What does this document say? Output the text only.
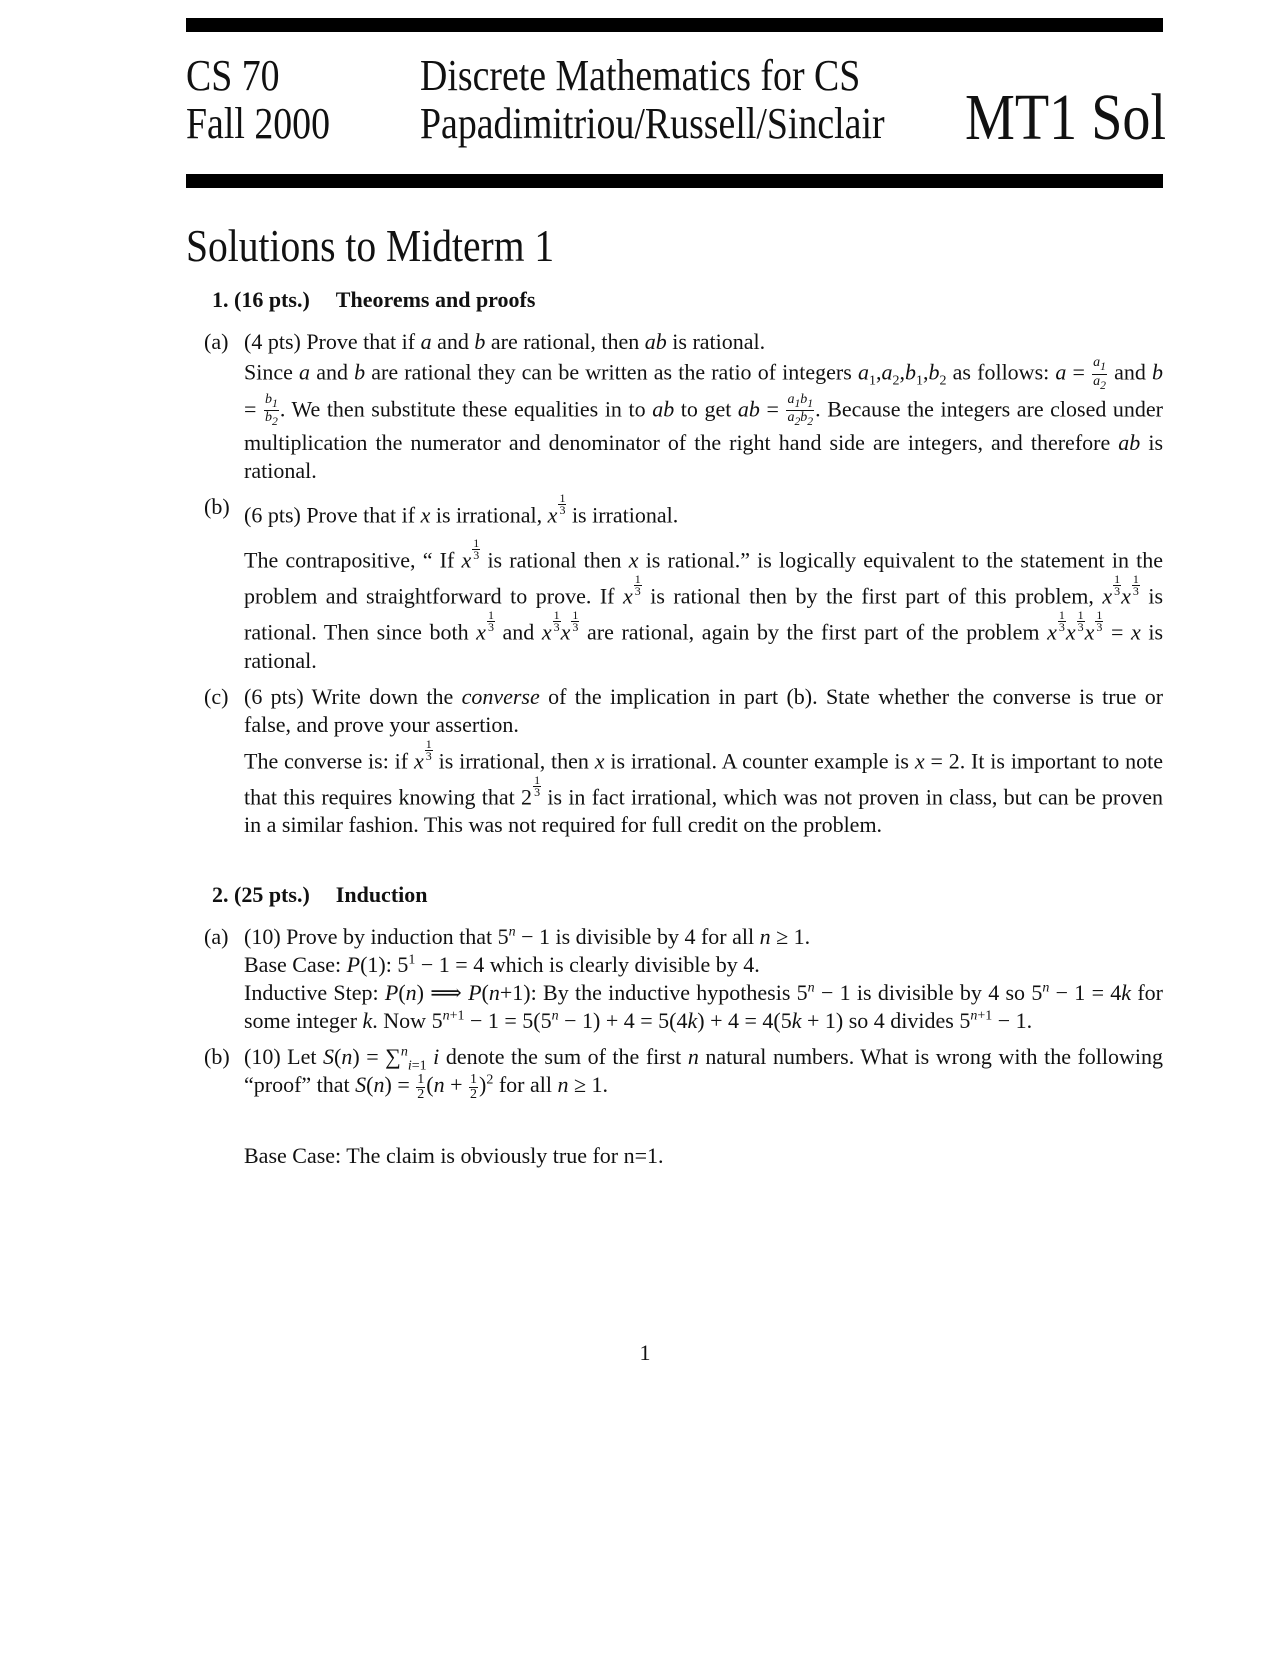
CS 70
Fall 2000
Discrete Mathematics for CS
Papadimitriou/Russell/Sinclair MT1 Sol
Solutions to Midterm 1
1. (16 pts.) Theorems and proofs
(a) (4 pts) Prove that if a and b are rational, then ab is rational.

Since a and b are rational they can be written as the ratio of integers $a_1,a_2,b_1,b_2$ as follows: $a = \frac{a_1}{a_2}$ and $b = \frac{b_1}{b_2}$ . We then substitute these equalities in to ab to get ab = $\frac{a_1b_1}{a_2b_2}$ . Because the integers are closed under multiplication the numerator and denominator of the right hand side are integers, and therefore ab is rational.

(b) (6 pts) Prove that if x is irrational, x $\frac{1}{3}$ is irrational.

The contrapositive, “ If x $\frac{1}{3}$ is rational then x is rational.” is logically equivalent to the statement in the problem and straightforward to prove. If x $\frac{1}{3}$ is rational then by the first part of this problem, x $\frac{1}{3}$ x $\frac{1}{3}$ is rational. Then since both x $\frac{1}{3}$ and x $\frac{1}{3}$ x $\frac{1}{3}$ are rational, again by the first part of the problem x $\frac{1}{3}$ x $\frac{1}{3}$ x $\frac{1}{3} = x$ is rational.

(c) (6 pts) Write down the converse of the implication in part (b). State whether the converse is true or false, and prove your assertion.

The converse is: if x $\frac{1}{3}$ is irrational, then x is irrational. A counter example is x = 2. It is important to note that this requires knowing that $2 \frac{1}{3}$ is in fact irrational, which was not proven in class, but can be proven in a similar fashion. This was not required for full credit on the problem.

2. (25 pts.) Induction
(a) (10) Prove by induction that $5^n - 1$ is divisible by 4 for all n ≥ 1.

Base Case: P(1): $5^1 - 1 = 4$ which is clearly divisible by 4.

Inductive Step: P(n) ⟹ P(n+1): By the inductive hypothesis $5^n - 1$ is divisible by 4 so $5^n - 1 = 4k$ for some integer k. Now $5^{n+1} - 1 = 5(5^n - 1) + 4 = 5(4k) + 4 = 4(5k + 1)$ so 4 divides $5^{n+1} - 1$.

(b) (10) Let S(n) = ∑$^n_{i=1}$ i denote the sum of the first n natural numbers. What is wrong with the following “proof” that $S(n) = \frac{1}{2} (n + \frac{1}{2} )^2$ for all n ≥ 1.

Base Case: The claim is obviously true for n=1.

1
